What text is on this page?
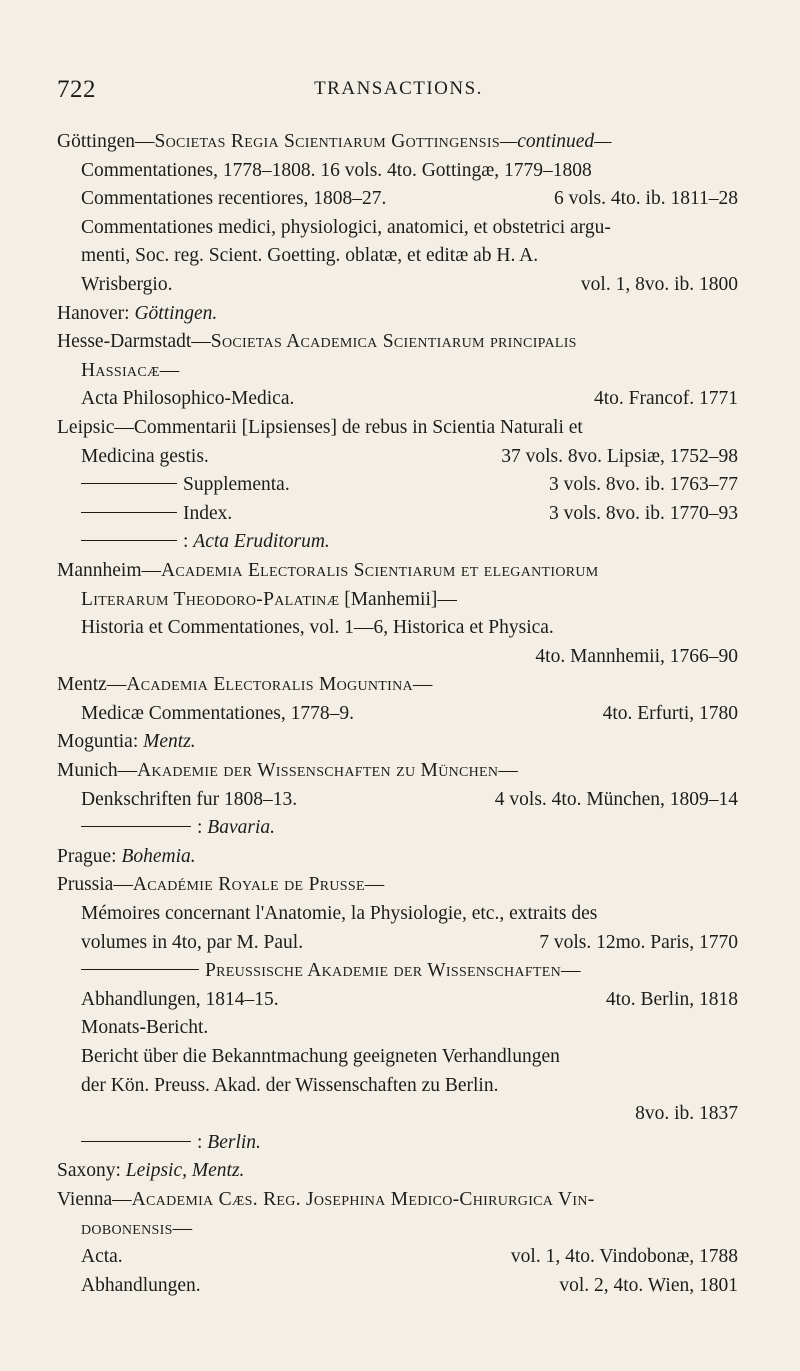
722	TRANSACTIONS.
Göttingen—Societas Regia Scientiarum Gottingensis—continued—
Commentationes, 1778–1808. 16 vols. 4to. Gottingæ, 1779–1808
Commentationes recentiores, 1808–27.	6 vols. 4to. ib. 1811–28
Commentationes medici, physiologici, anatomici, et obstetrici argu-
menti, Soc. reg. Scient. Goetting. oblatæ, et editæ ab H. A.
Wrisbergio.	vol. 1, 8vo. ib. 1800
Hanover: Göttingen.
Hesse-Darmstadt—Societas Academica Scientiarum principalis
Hassiacæ—
Acta Philosophico-Medica.	4to. Francof. 1771
Leipsic—Commentarii [Lipsienses] de rebus in Scientia Naturali et
Medicina gestis.	37 vols. 8vo. Lipsiæ, 1752–98
Supplementa.	3 vols. 8vo. ib. 1763–77
Index.	3 vols. 8vo. ib. 1770–93
: Acta Eruditorum.
Mannheim—Academia Electoralis Scientiarum et elegantiorum
Literarum Theodoro-Palatinæ [Manhemii]—
Historia et Commentationes, vol. 1—6, Historica et Physica.
4to. Mannhemii, 1766–90
Mentz—Academia Electoralis Moguntina—
Medicæ Commentationes, 1778–9.	4to. Erfurti, 1780
Moguntia: Mentz.
Munich—Akademie der Wissenschaften zu München—
Denkschriften fur 1808–13.	4 vols. 4to. München, 1809–14
: Bavaria.
Prague: Bohemia.
Prussia—Académie Royale de Prusse—
Mémoires concernant l'Anatomie, la Physiologie, etc., extraits des
volumes in 4to, par M. Paul.	7 vols. 12mo. Paris, 1770
Preussische Akademie der Wissenschaften—
Abhandlungen, 1814–15.	4to. Berlin, 1818
Monats-Bericht.
Bericht über die Bekanntmachung geeigneten Verhandlungen
der Kön. Preuss. Akad. der Wissenschaften zu Berlin.
8vo. ib. 1837
: Berlin.
Saxony: Leipsic, Mentz.
Vienna—Academia Cæs. Reg. Josephina Medico-Chirurgica Vin-
dobonensis—
Acta.	vol. 1, 4to. Vindobonæ, 1788
Abhandlungen.	vol. 2, 4to. Wien, 1801
